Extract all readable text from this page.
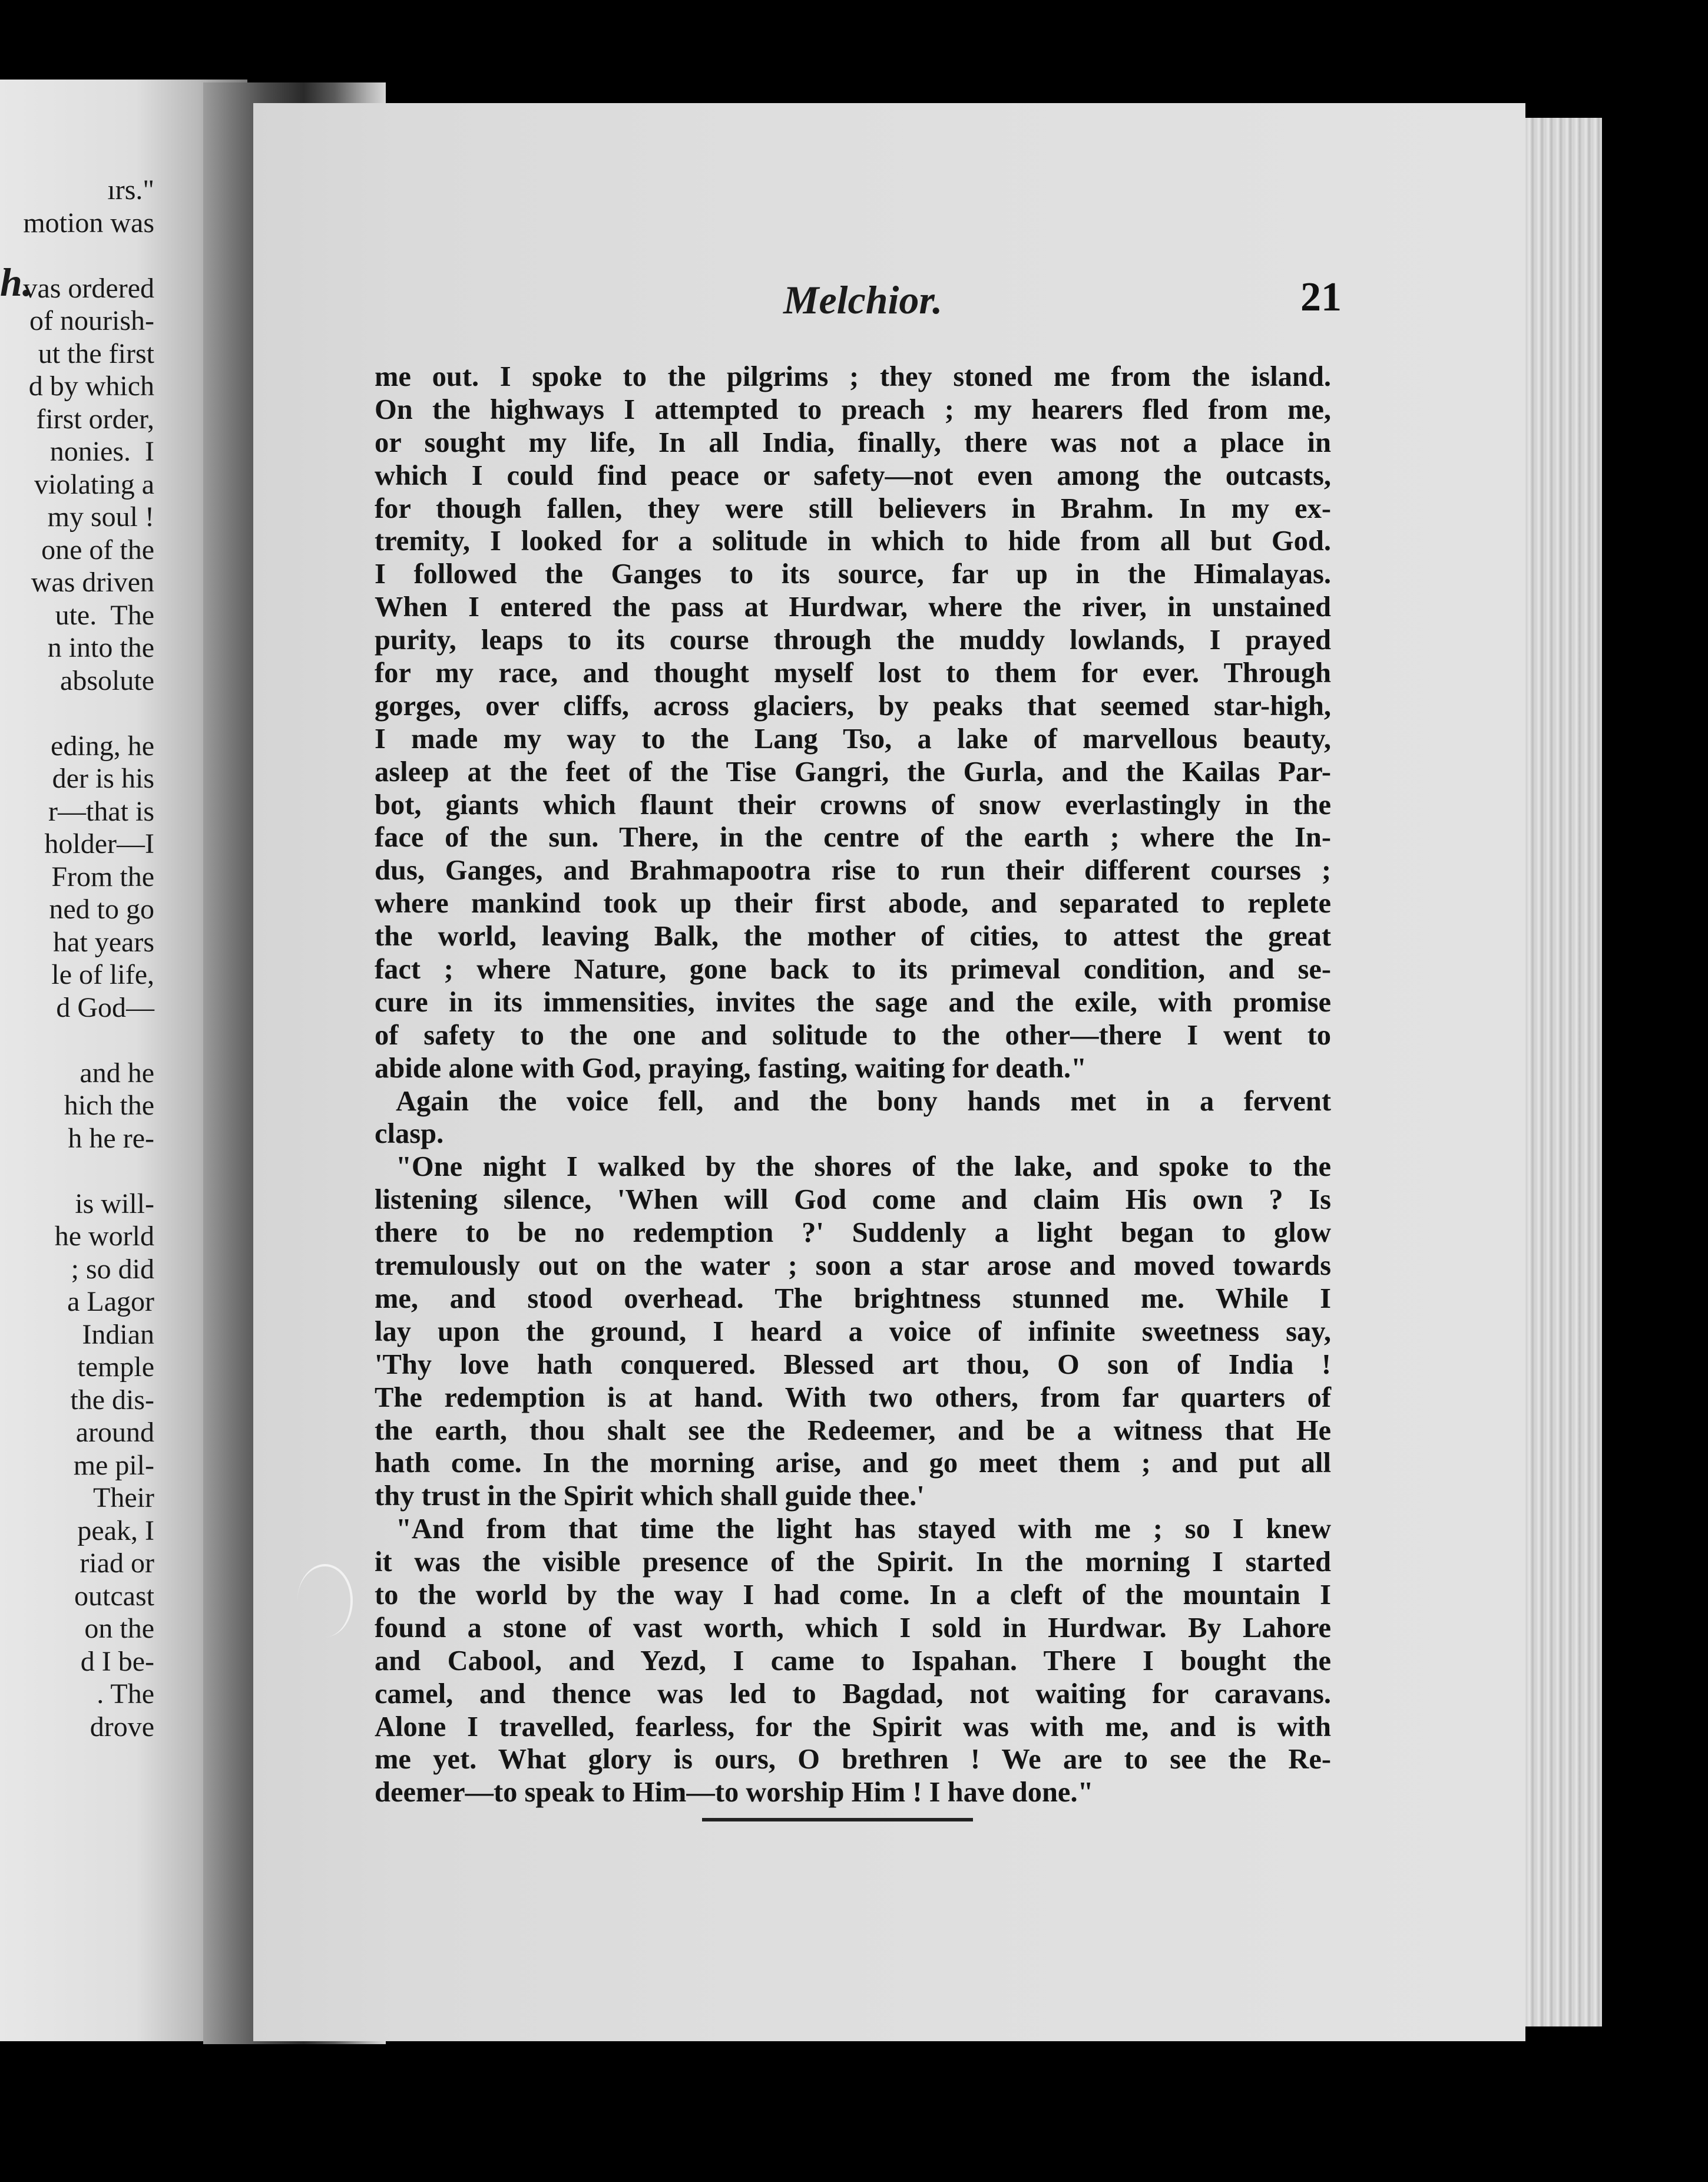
h.
ırs."
motion was
vas ordered
of nourish-
ut the first
d by which
first order,
nonies.  I
violating a
my soul !
one of the
was driven
ute.  The
n into the
absolute
eding, he
der is his
r—that is
holder—I
From the
ned to go
hat years
le of life,
d God—
and he
hich the
h he re-
is will-
he world
; so did
a Lagor
Indian
temple
the dis-
around
me pil-
Their
peak, I
riad or
outcast
on the
d I be-
. The
drove
Melchior.	21
me out. I spoke to the pilgrims ; they stoned me from the island.
On the highways I attempted to preach ; my hearers fled from me,
or sought my life, In all India, finally, there was not a place in
which I could find peace or safety—not even among the outcasts,
for though fallen, they were still believers in Brahm. In my ex-
tremity, I looked for a solitude in which to hide from all but God.
I followed the Ganges to its source, far up in the Himalayas.
When I entered the pass at Hurdwar, where the river, in unstained
purity, leaps to its course through the muddy lowlands, I prayed
for my race, and thought myself lost to them for ever. Through
gorges, over cliffs, across glaciers, by peaks that seemed star-high,
I made my way to the Lang Tso, a lake of marvellous beauty,
asleep at the feet of the Tise Gangri, the Gurla, and the Kailas Par-
bot, giants which flaunt their crowns of snow everlastingly in the
face of the sun. There, in the centre of the earth ; where the In-
dus, Ganges, and Brahmapootra rise to run their different courses ;
where mankind took up their first abode, and separated to replete
the world, leaving Balk, the mother of cities, to attest the great
fact ; where Nature, gone back to its primeval condition, and se-
cure in its immensities, invites the sage and the exile, with promise
of safety to the one and solitude to the other—there I went to
abide alone with God, praying, fasting, waiting for death."
Again the voice fell, and the bony hands met in a fervent
clasp.
"One night I walked by the shores of the lake, and spoke to the
listening silence, 'When will God come and claim His own ? Is
there to be no redemption ?' Suddenly a light began to glow
tremulously out on the water ; soon a star arose and moved towards
me, and stood overhead. The brightness stunned me. While I
lay upon the ground, I heard a voice of infinite sweetness say,
'Thy love hath conquered. Blessed art thou, O son of India !
The redemption is at hand. With two others, from far quarters of
the earth, thou shalt see the Redeemer, and be a witness that He
hath come. In the morning arise, and go meet them ; and put all
thy trust in the Spirit which shall guide thee.'
"And from that time the light has stayed with me ; so I knew
it was the visible presence of the Spirit. In the morning I started
to the world by the way I had come. In a cleft of the mountain I
found a stone of vast worth, which I sold in Hurdwar. By Lahore
and Cabool, and Yezd, I came to Ispahan. There I bought the
camel, and thence was led to Bagdad, not waiting for caravans.
Alone I travelled, fearless, for the Spirit was with me, and is with
me yet. What glory is ours, O brethren ! We are to see the Re-
deemer—to speak to Him—to worship Him ! I have done."
